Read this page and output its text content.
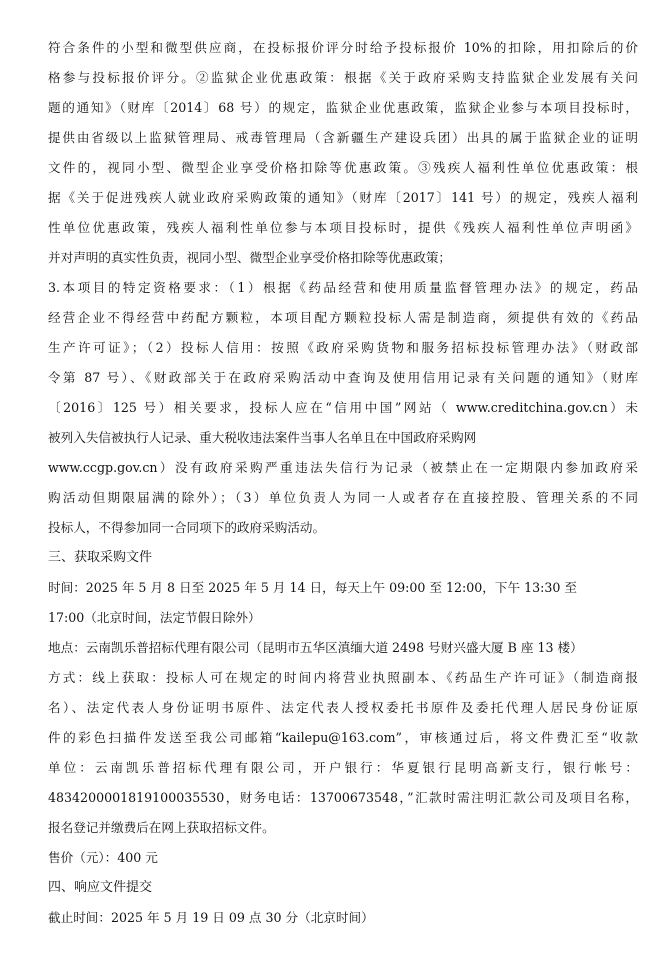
符合条件的小型和微型供应商，在投标报价评分时给予投标报价 10%的扣除，用扣除后的价
格参与投标报价评分。②监狱企业优惠政策：根据《关于政府采购支持监狱企业发展有关问
题的通知》（财库〔2014〕68 号）的规定，监狱企业优惠政策，监狱企业参与本项目投标时，
提供由省级以上监狱管理局、戒毒管理局（含新疆生产建设兵团）出具的属于监狱企业的证明
文件的，视同小型、微型企业享受价格扣除等优惠政策。③残疾人福利性单位优惠政策：根
据《关于促进残疾人就业政府采购政策的通知》（财库〔2017〕141 号）的规定，残疾人福利
性单位优惠政策，残疾人福利性单位参与本项目投标时，提供《残疾人福利性单位声明函》
并对声明的真实性负责，视同小型、微型企业享受价格扣除等优惠政策；
3.本项目的特定资格要求：（1）根据《药品经营和使用质量监督管理办法》的规定，药品
经营企业不得经营中药配方颗粒，本项目配方颗粒投标人需是制造商，须提供有效的《药品
生产许可证》；（2）投标人信用：按照《政府采购货物和服务招标投标管理办法》（财政部
令第 87 号）、《财政部关于在政府采购活动中查询及使用信用记录有关问题的通知》（财库
〔2016〕125 号）相关要求，投标人应在“信用中国”网站（ www.creditchina.gov.cn）未
被列入失信被执行人记录、重大税收违法案件当事人名单且在中国政府采购网
www.ccgp.gov.cn）没有政府采购严重违法失信行为记录（被禁止在一定期限内参加政府采
购活动但期限届满的除外）；（3）单位负责人为同一人或者存在直接控股、管理关系的不同
投标人，不得参加同一合同项下的政府采购活动。
三、获取采购文件
时间：2025 年 5 月 8 日至 2025 年 5 月 14 日，每天上午 09:00 至 12:00，下午 13:30 至
17:00（北京时间，法定节假日除外）
地点：云南凯乐普招标代理有限公司（昆明市五华区滇缅大道 2498 号财兴盛大厦 B 座 13 楼）
方式：线上获取：投标人可在规定的时间内将营业执照副本、《药品生产许可证》（制造商报
名）、法定代表人身份证明书原件、法定代表人授权委托书原件及委托代理人居民身份证原
件的彩色扫描件发送至我公司邮箱“kailepu@163.com”，审核通过后，将文件费汇至“收款
单位：云南凯乐普招标代理有限公司，开户银行：华夏银行昆明高新支行，银行帐号：
48342000018191000355​30，财务电话：13700673548，”汇款时需注明汇款公司及项目名称，
报名登记并缴费后在网上获取招标文件。
售价（元）：400 元
四、响应文件提交
截止时间：2025 年 5 月 19 日 09 点 30 分（北京时间）
